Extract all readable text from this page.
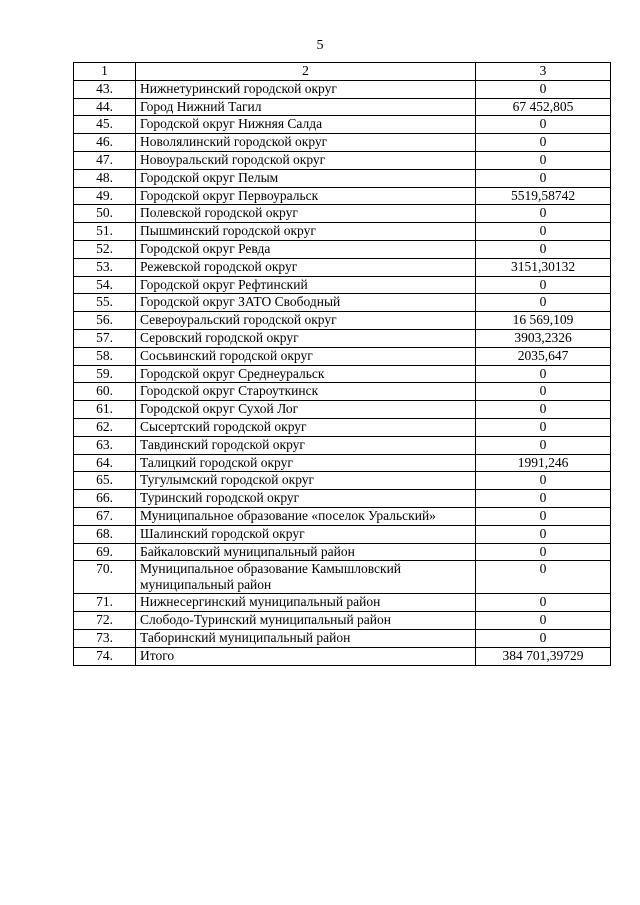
5
1	2	3
43.	Нижнетуринский городской округ	0
44.	Город Нижний Тагил	67 452,805
45.	Городской округ Нижняя Салда	0
46.	Новолялинский городской округ	0
47.	Новоуральский городской округ	0
48.	Городской округ Пелым	0
49.	Городской округ Первоуральск	5519,58742
50.	Полевской городской округ	0
51.	Пышминский городской округ	0
52.	Городской округ Ревда	0
53.	Режевской городской округ	3151,30132
54.	Городской округ Рефтинский	0
55.	Городской округ ЗАТО Свободный	0
56.	Североуральский городской округ	16 569,109
57.	Серовский городской округ	3903,2326
58.	Сосьвинский городской округ	2035,647
59.	Городской округ Среднеуральск	0
60.	Городской округ Староуткинск	0
61.	Городской округ Сухой Лог	0
62.	Сысертский городской округ	0
63.	Тавдинский городской округ	0
64.	Талицкий городской округ	1991,246
65.	Тугулымский городской округ	0
66.	Туринский городской округ	0
67.	Муниципальное образование «поселок Уральский»	0
68.	Шалинский городской округ	0
69.	Байкаловский муниципальный район	0
70.	Муниципальное образование Камышловский муниципальный район	0
71.	Нижнесергинский муниципальный район	0
72.	Слободо-Туринский муниципальный район	0
73.	Таборинский муниципальный район	0
74.	Итого	384 701,39729
